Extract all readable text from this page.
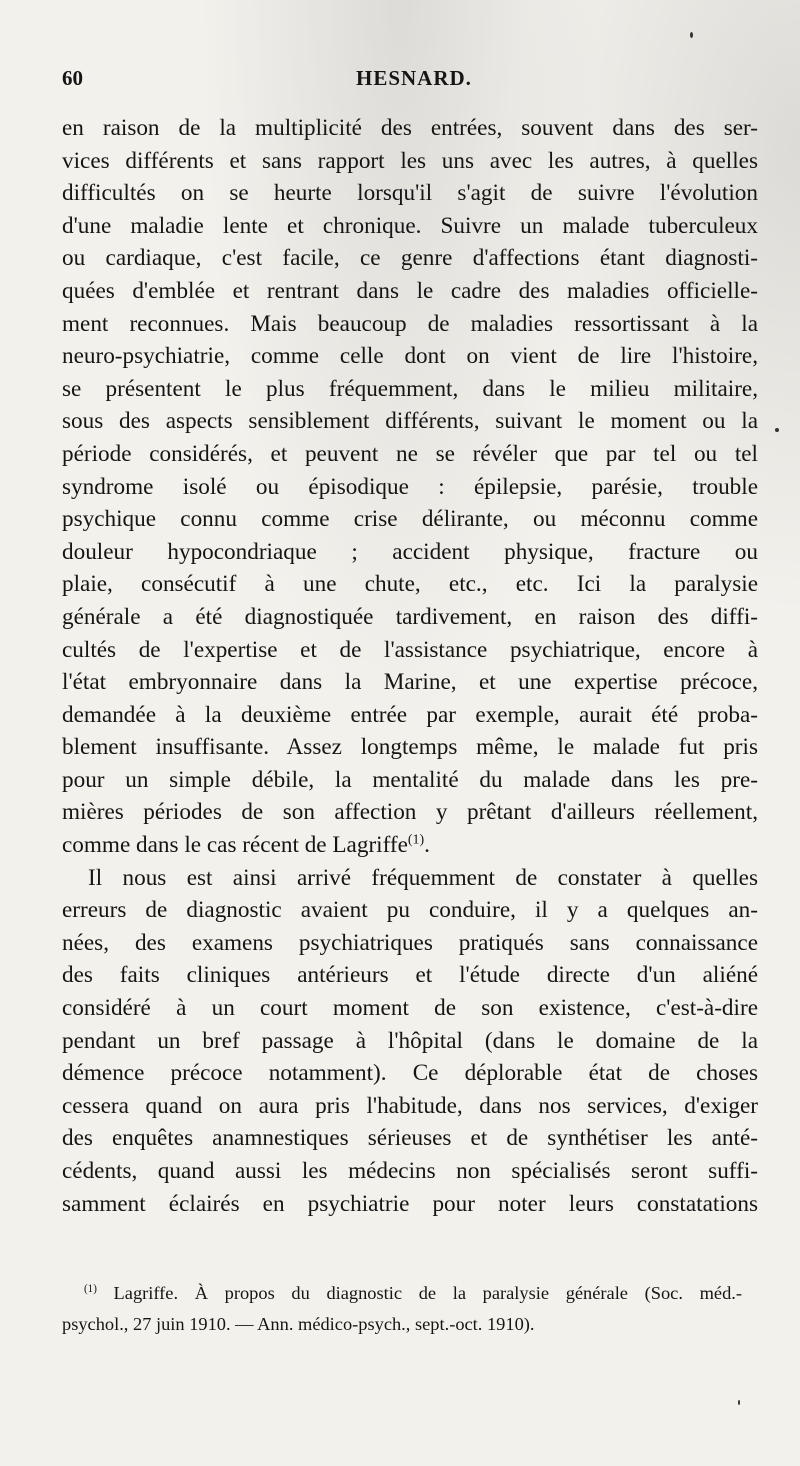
60	HESNARD.
en raison de la multiplicité des entrées, souvent dans des ser-
vices différents et sans rapport les uns avec les autres, à quelles
difficultés on se heurte lorsqu'il s'agit de suivre l'évolution
d'une maladie lente et chronique. Suivre un malade tuberculeux
ou cardiaque, c'est facile, ce genre d'affections étant diagnosti-
quées d'emblée et rentrant dans le cadre des maladies officielle-
ment reconnues. Mais beaucoup de maladies ressortissant à la
neuro-psychiatrie, comme celle dont on vient de lire l'histoire,
se présentent le plus fréquemment, dans le milieu militaire,
sous des aspects sensiblement différents, suivant le moment ou la
période considérés, et peuvent ne se révéler que par tel ou tel
syndrome isolé ou épisodique : épilepsie, parésie, trouble
psychique connu comme crise délirante, ou méconnu comme
douleur hypocondriaque ; accident physique, fracture ou
plaie, consécutif à une chute, etc., etc. Ici la paralysie
générale a été diagnostiquée tardivement, en raison des diffi-
cultés de l'expertise et de l'assistance psychiatrique, encore à
l'état embryonnaire dans la Marine, et une expertise précoce,
demandée à la deuxième entrée par exemple, aurait été proba-
blement insuffisante. Assez longtemps même, le malade fut pris
pour un simple débile, la mentalité du malade dans les pre-
mières périodes de son affection y prêtant d'ailleurs réellement,
comme dans le cas récent de Lagriffe$^{(1)}$.
Il nous est ainsi arrivé fréquemment de constater à quelles
erreurs de diagnostic avaient pu conduire, il y a quelques an-
nées, des examens psychiatriques pratiqués sans connaissance
des faits cliniques antérieurs et l'étude directe d'un aliéné
considéré à un court moment de son existence, c'est-à-dire
pendant un bref passage à l'hôpital (dans le domaine de la
démence précoce notamment). Ce déplorable état de choses
cessera quand on aura pris l'habitude, dans nos services, d'exiger
des enquêtes anamnestiques sérieuses et de synthétiser les anté-
cédents, quand aussi les médecins non spécialisés seront suffi-
samment éclairés en psychiatrie pour noter leurs constatations
$^{(1)}$ Lagriffe. À propos du diagnostic de la paralysie générale (Soc. méd.-
psychol., 27 juin 1910. — Ann. médico-psych., sept.-oct. 1910).
